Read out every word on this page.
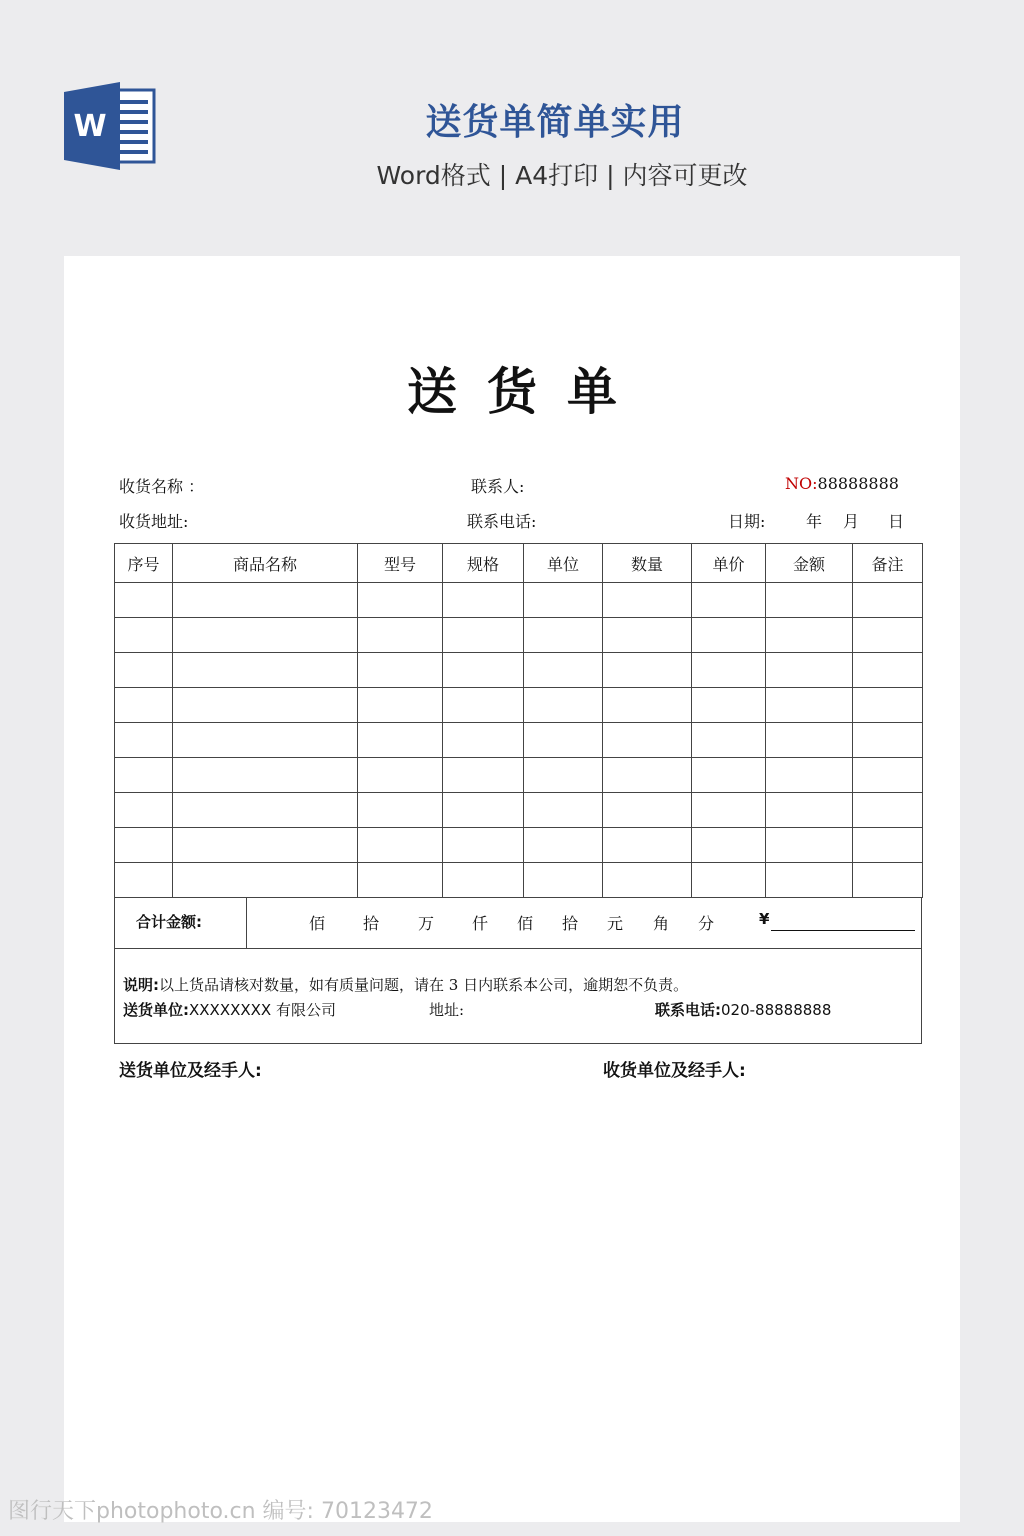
W	送货单简单实用
Word格式 | A4打印 | 内容可更改
送货单
收货名称 ：	联系人:	NO:88888888
收货地址:	联系电话:	日期:	年 月 日
序号	商品名称	型号	规格	单位	数量	单价	金额	备注

合计金额:	佰 拾 万 仟 佰 拾 元 角 分	¥
说明:以上货品请核对数量，如有质量问题，请在 3 日内联系本公司，逾期恕不负责。
送货单位:XXXXXXXX 有限公司	地址:	联系电话:020-88888888
送货单位及经手人:	收货单位及经手人:
图行天下photophoto.cn 编号: 70123472
